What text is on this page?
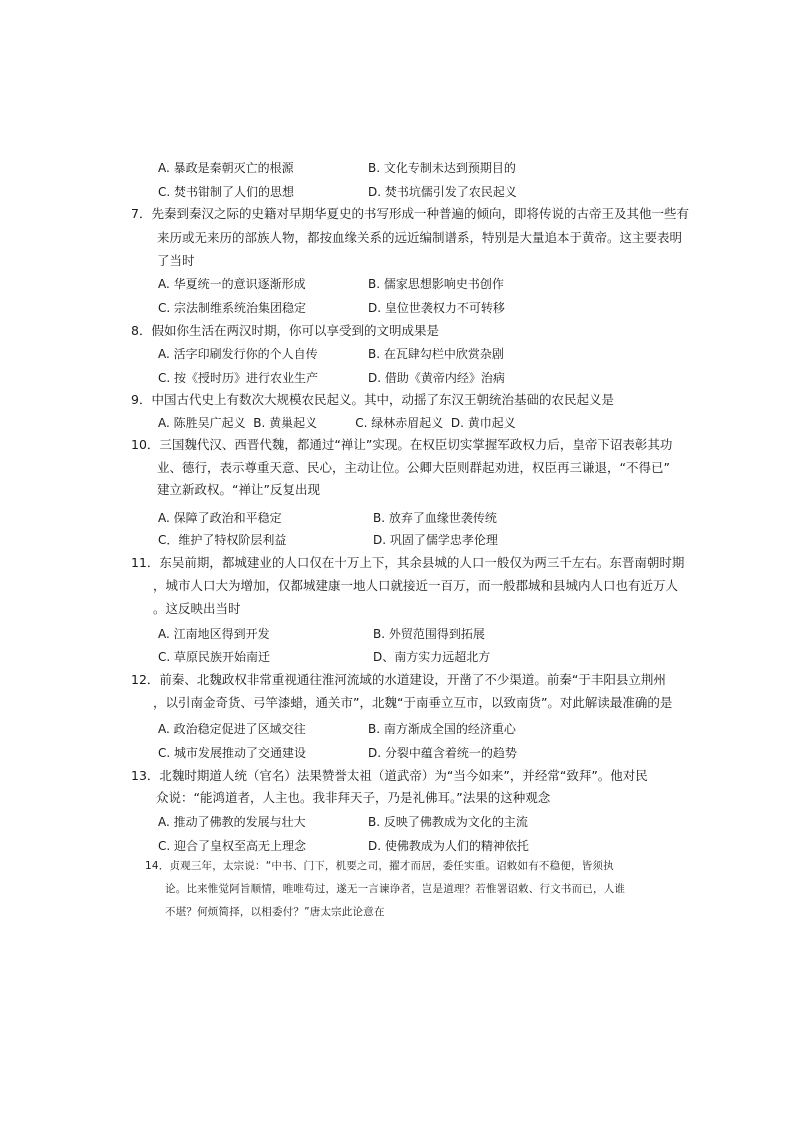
A. 暴政是秦朝灭亡的根源	B. 文化专制未达到预期目的
C. 焚书钳制了人们的思想	D. 焚书坑儒引发了农民起义
7．先秦到秦汉之际的史籍对早期华夏史的书写形成一种普遍的倾向，即将传说的古帝王及其他一些有
来历或无来历的部族人物，都按血缘关系的远近编制谱系，特别是大量追本于黄帝。这主要表明
了当时
A. 华夏统一的意识逐渐形成	B. 儒家思想影响史书创作
C. 宗法制维系统治集团稳定	D. 皇位世袭权力不可转移
8．假如你生活在两汉时期，你可以享受到的文明成果是
A. 活字印刷发行你的个人自传	B. 在瓦肆勾栏中欣赏杂剧
C. 按《授时历》进行农业生产	D. 借助《黄帝内经》治病
9．中国古代史上有数次大规模农民起义。其中，动摇了东汉王朝统治基础的农民起义是
A. 陈胜吴广起义  B. 黄巢起义          C. 绿林赤眉起义  D. 黄巾起义
10．三国魏代汉、西晋代魏，都通过“禅让”实现。在权臣切实掌握军政权力后，皇帝下诏表彰其功
业、德行，表示尊重天意、民心，主动让位。公卿大臣则群起劝进，权臣再三谦退，“不得已”
建立新政权。“禅让”反复出现
A. 保障了政治和平稳定	B. 放弃了血缘世袭传统
C．维护了特权阶层利益	D. 巩固了儒学忠孝伦理
11．东吴前期，都城建业的人口仅在十万上下，其余县城的人口一般仅为两三千左右。东晋南朝时期
，城市人口大为增加，仅都城建康一地人口就接近一百万，而一般郡城和县城内人口也有近万人
。这反映出当时
A. 江南地区得到开发	B. 外贸范围得到拓展
C. 草原民族开始南迁	D、南方实力远超北方
12．前秦、北魏政权非常重视通往淮河流域的水道建设，开凿了不少渠道。前秦“于丰阳县立荆州
，以引南金奇货、弓竿漆蜡，通关市”，北魏“于南垂立互市，以致南货”。对此解读最准确的是
A. 政治稳定促进了区域交往	B. 南方渐成全国的经济重心
C. 城市发展推动了交通建设	D. 分裂中蕴含着统一的趋势
13．北魏时期道人统（官名）法果赞誉太祖（道武帝）为“当今如来”，并经常“致拜”。他对民
众说：“能鸿道者，人主也。我非拜天子，乃是礼佛耳。”法果的这种观念
A. 推动了佛教的发展与壮大	B. 反映了佛教成为文化的主流
C. 迎合了皇权至高无上理念	D. 使佛教成为人们的精神依托
14．贞观三年，太宗说：“中书、门下，机要之司，擢才而居，委任实重。诏敕如有不稳便，皆须执
论。比来惟觉阿旨顺情，唯唯苟过，遂无一言谏诤者，岂是道理？若惟署诏敕、行文书而已，人谁
不堪？何烦简择，以相委付？”唐太宗此论意在
